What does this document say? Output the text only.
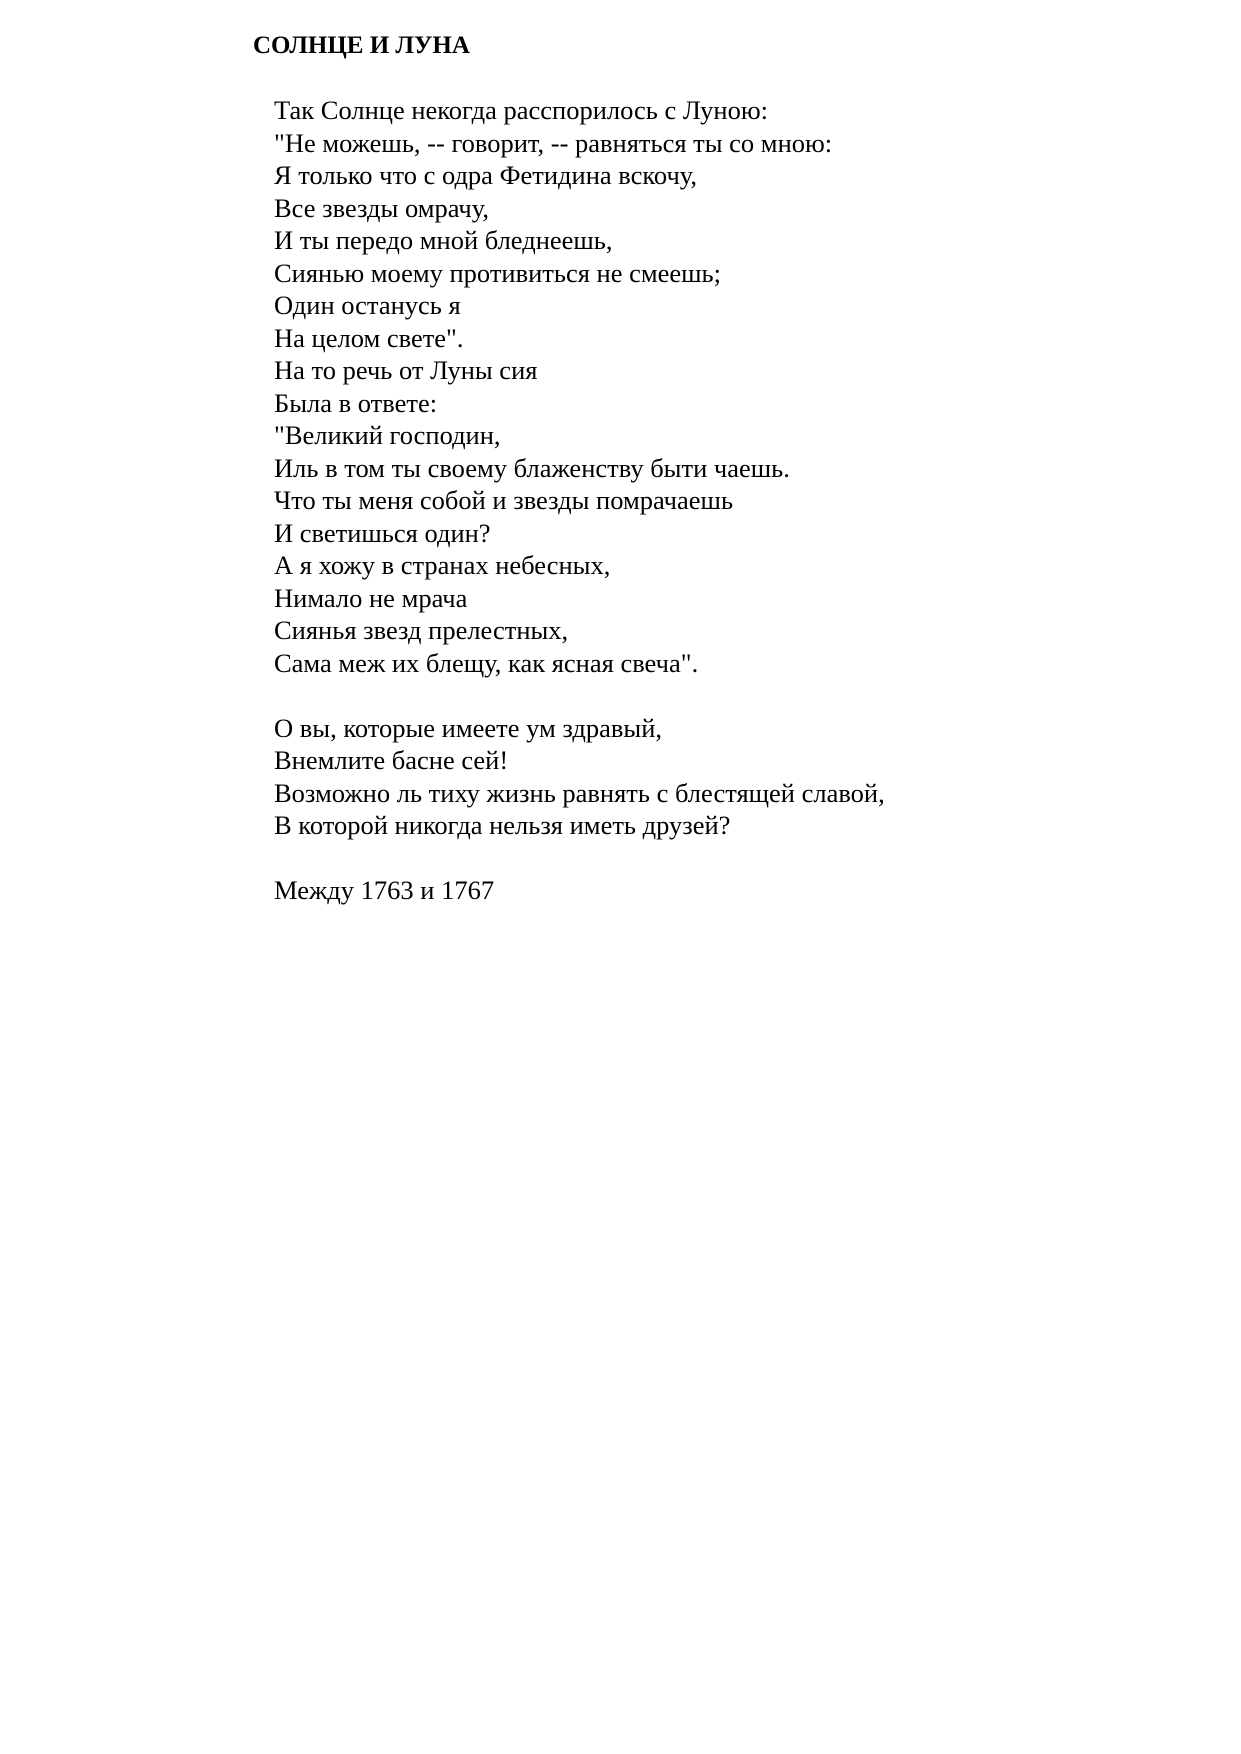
СОЛНЦЕ И ЛУНА
Так Солнце некогда расспорилось с Луною:
"Не можешь, -- говорит, -- равняться ты со мною:
Я только что с одра Фетидина вскочу,
Все звезды омрачу,
И ты передо мной бледнеешь,
Сиянью моему противиться не смеешь;
Один останусь я
На целом свете".
На то речь от Луны сия
Была в ответе:
"Великий господин,
Иль в том ты своему блаженству быти чаешь.
Что ты меня собой и звезды помрачаешь
И светишься один?
А я хожу в странах небесных,
Нимало не мрача
Сиянья звезд прелестных,
Сама меж их блещу, как ясная свеча".
О вы, которые имеете ум здравый,
Внемлите басне сей!
Возможно ль тиху жизнь равнять с блестящей славой,
В которой никогда нельзя иметь друзей?
Между 1763 и 1767
